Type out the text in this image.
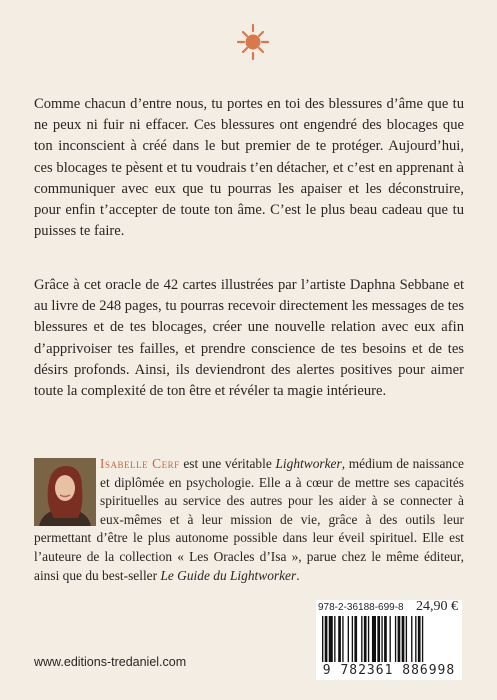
Comme chacun d’entre nous, tu portes en toi des blessures d’âme que tu ne peux ni fuir ni effacer. Ces blessures ont engendré des blocages que ton inconscient à créé dans le but premier de te protéger. Aujourd’hui, ces blocages te pèsent et tu voudrais t’en détacher, et c’est en apprenant à communiquer avec eux que tu pourras les apaiser et les déconstruire, pour enfin t’accepter de toute ton âme. C’est le plus beau cadeau que tu puisses te faire.

Grâce à cet oracle de 42 cartes illustrées par l’artiste Daphna Sebbane et au livre de 248 pages, tu pourras recevoir directement les messages de tes blessures et de tes blocages, créer une nouvelle relation avec eux afin d’apprivoiser tes failles, et prendre conscience de tes besoins et de tes désirs profonds. Ainsi, ils deviendront des alertes positives pour aimer toute la complexité de ton être et révéler ta magie intérieure.

Isabelle Cerf est une véritable Lightworker, médium de naissance et diplômée en psychologie. Elle a à cœur de mettre ses capacités spirituelles au service des autres pour les aider à se connecter à eux-mêmes et à leur mission de vie, grâce à des outils leur permettant d’être le plus autonome possible dans leur éveil spirituel. Elle est l’auteure de la collection « Les Oracles d’Isa », parue chez le même éditeur, ainsi que du best-seller Le Guide du Lightworker.

978-2-36188-699-8 24,90 €
9 782361 886998
www.editions-tredaniel.com
